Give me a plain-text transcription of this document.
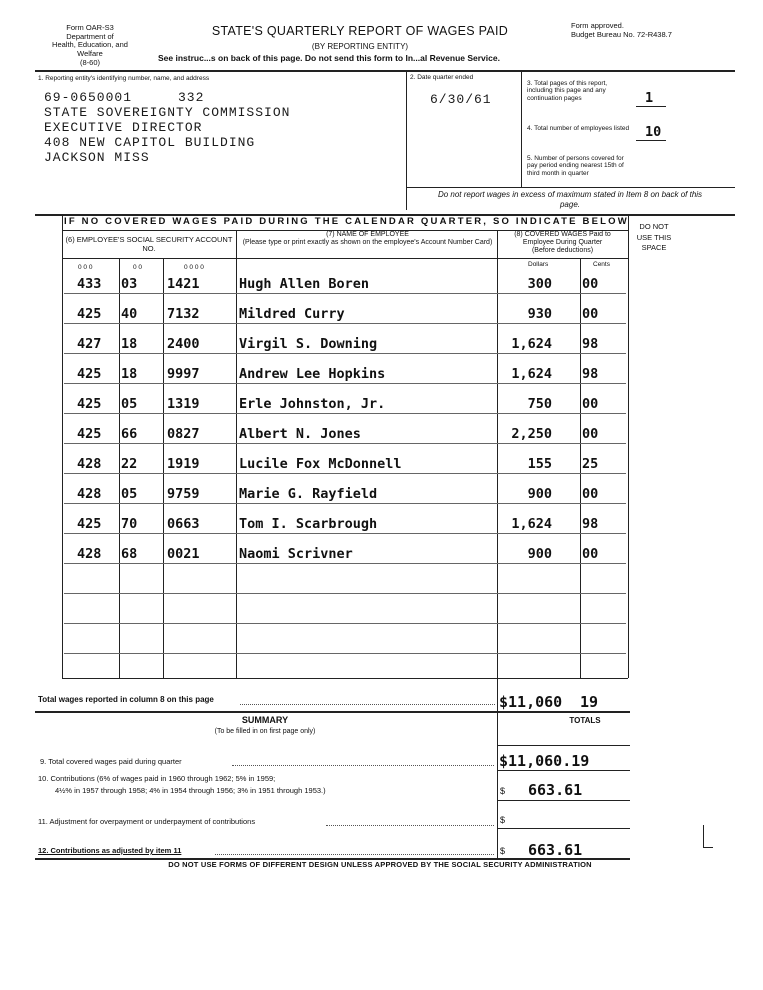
Form OAR-S3
Department of
Health, Education, and Welfare
(8-60)
STATE'S QUARTERLY REPORT OF WAGES PAID
(BY REPORTING ENTITY)
See instruc...s on back of this page. Do not send this form to In...al Revenue Service.
Form approved.
Budget Bureau No. 72-R438.7
1. Reporting entity's identifying number, name, and address
69-0650001	332
STATE SOVEREIGNTY COMMISSION
EXECUTIVE DIRECTOR
408 NEW CAPITOL BUILDING
JACKSON MISS
2. Date quarter ended
6/30/61
3. Total pages of this report, including this page and any continuation pages	1
4. Total number of employees listed 10
5. Number of persons covered for pay period ending nearest 15th of third month in quarter
Do not report wages in excess of maximum stated in Item 8 on back of this page.
IF NO COVERED WAGES PAID DURING THE CALENDAR QUARTER, SO INDICATE BELOW	DO NOT USE THIS SPACE
(6) EMPLOYEE'S SOCIAL SECURITY ACCOUNT NO.
(7) NAME OF EMPLOYEE
(Please type or print exactly as shown on the employee's Account Number Card)
(8) COVERED WAGES Paid to Employee During Quarter
(Before deductions)
Dollars	Cents
0 0 0	0 0	0 0 0 0
433	03	1421	Hugh Allen Boren	300 00
425	40	7132	Mildred Curry	930 00
427	18	2400	Virgil S. Downing	1,624 98
425	18	9997	Andrew Lee Hopkins	1,624 98
425	05	1319	Erle Johnston, Jr.	750 00
425	66	0827	Albert N. Jones	2,250 00
428	22	1919	Lucile Fox McDonnell	155 25
428	05	9759	Marie G. Rayfield	900 00
425	70	0663	Tom I. Scarbrough	1,624 98
428	68	0021	Naomi Scrivner	900 00
Total wages reported in column 8 on this page	$11,060 19
SUMMARY
(To be filled in on first page only)
TOTALS
9. Total covered wages paid during quarter	$11,060.19
10. Contributions (6% of wages paid in 1960 through 1962; 5% in 1959;
4½% in 1957 through 1958; 4% in 1954 through 1956; 3% in 1951 through 1953.)	$ 663.61
11. Adjustment for overpayment or underpayment of contributions	$
12. Contributions as adjusted by item 11	$ 663.61
DO NOT USE FORMS OF DIFFERENT DESIGN UNLESS APPROVED BY THE SOCIAL SECURITY ADMINISTRATION
